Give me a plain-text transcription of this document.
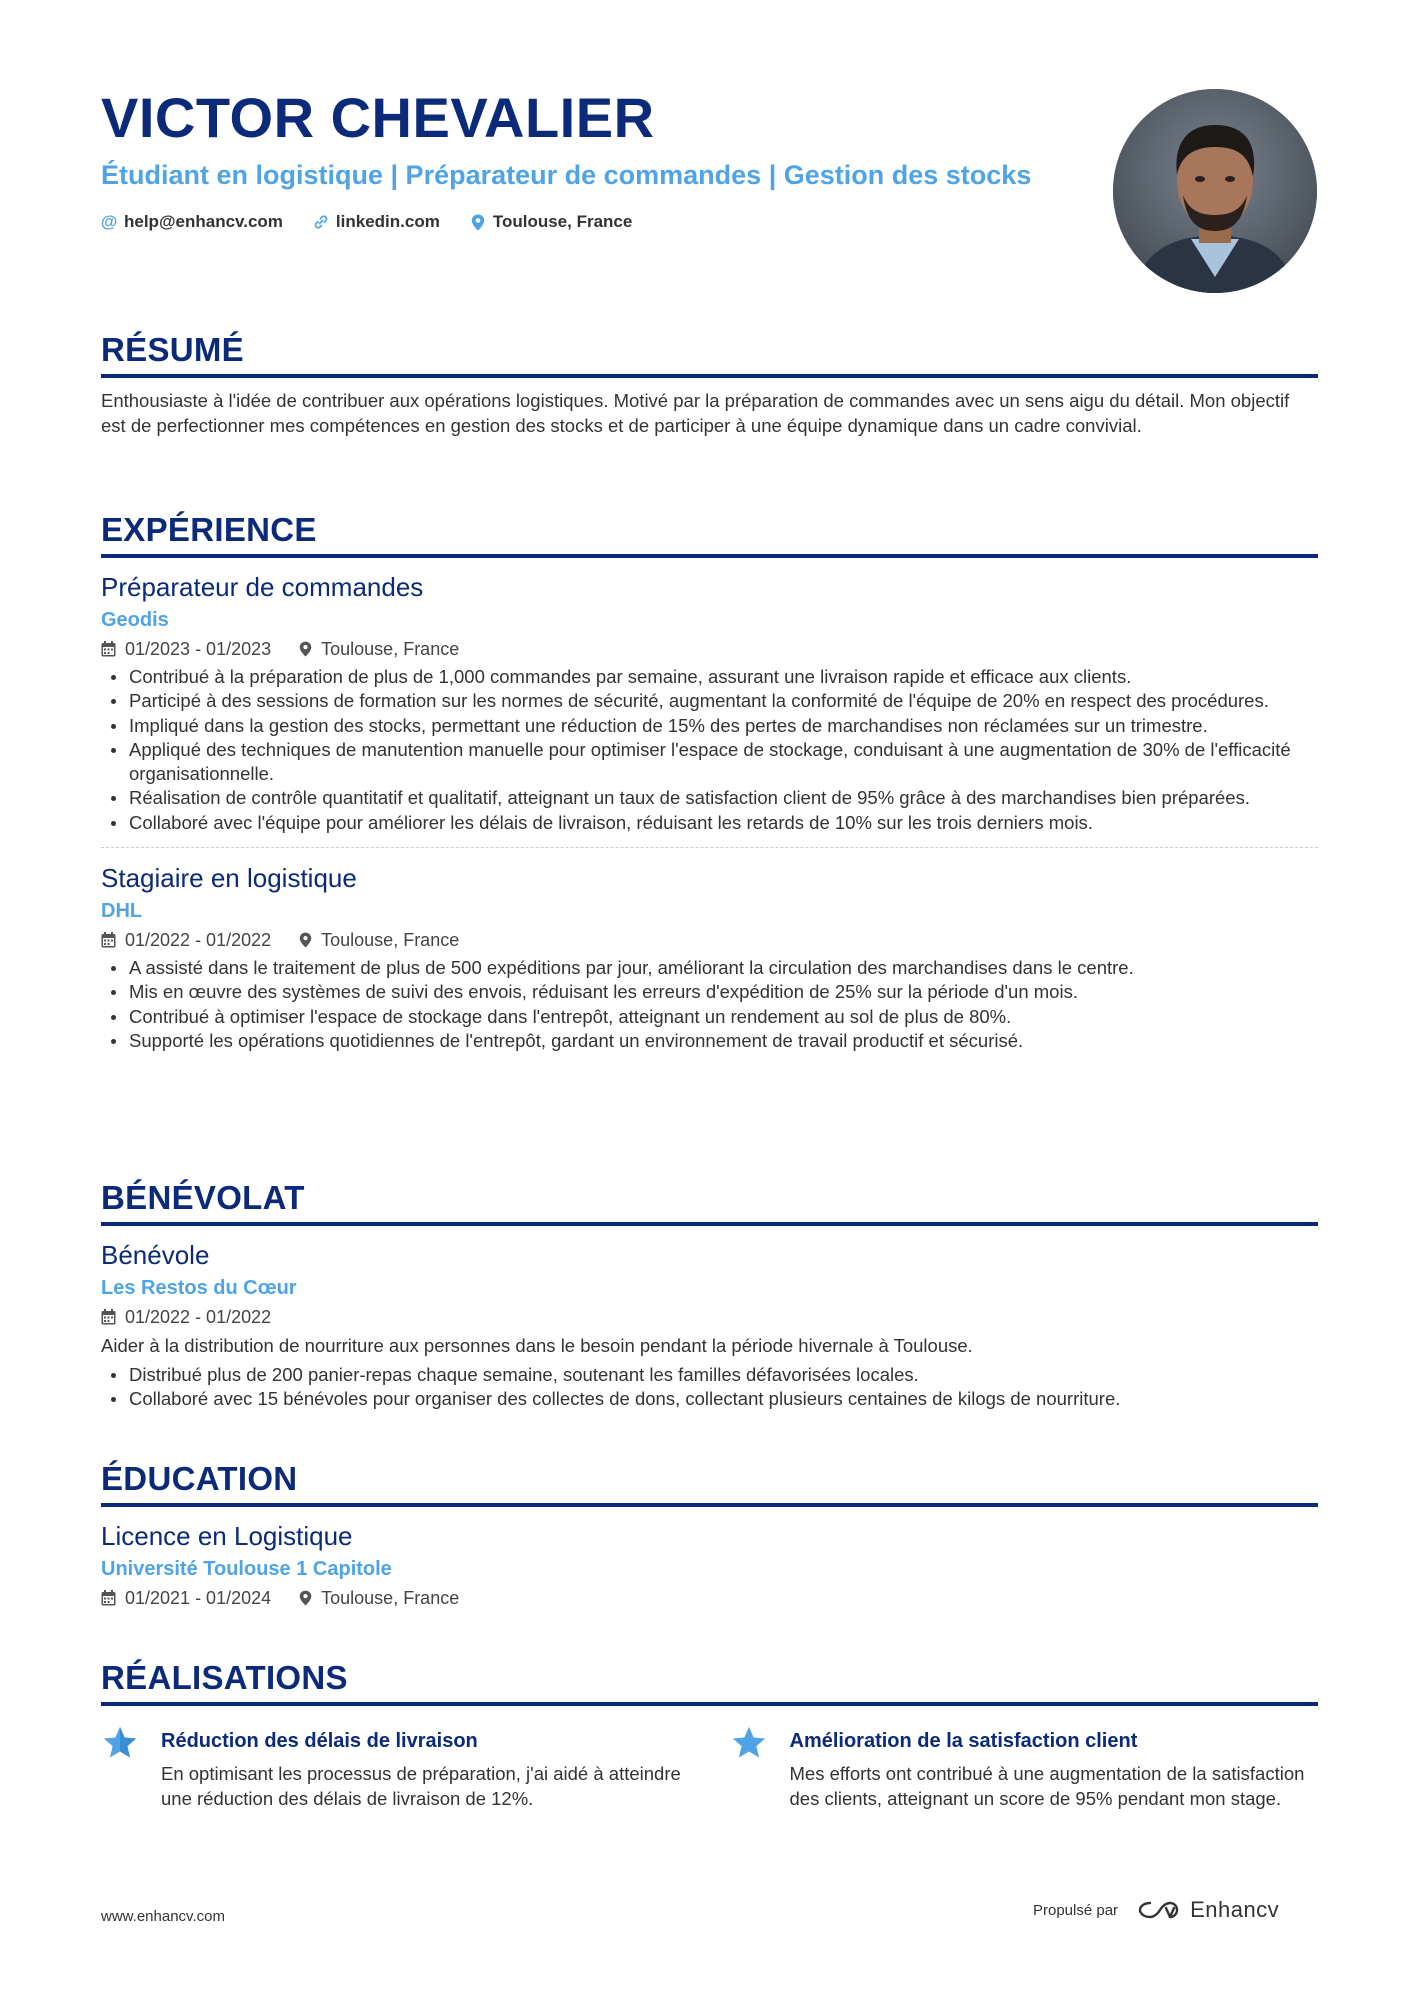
VICTOR CHEVALIER
Étudiant en logistique | Préparateur de commandes | Gestion des stocks
@ help@enhancv.com	linkedin.com	Toulouse, France
RÉSUMÉ
Enthousiaste à l'idée de contribuer aux opérations logistiques. Motivé par la préparation de commandes avec un sens aigu du détail. Mon objectif est de perfectionner mes compétences en gestion des stocks et de participer à une équipe dynamique dans un cadre convivial.
EXPÉRIENCE
Préparateur de commandes
Geodis
01/2023 - 01/2023	Toulouse, France
Contribué à la préparation de plus de 1,000 commandes par semaine, assurant une livraison rapide et efficace aux clients.
Participé à des sessions de formation sur les normes de sécurité, augmentant la conformité de l'équipe de 20% en respect des procédures.
Impliqué dans la gestion des stocks, permettant une réduction de 15% des pertes de marchandises non réclamées sur un trimestre.
Appliqué des techniques de manutention manuelle pour optimiser l'espace de stockage, conduisant à une augmentation de 30% de l'efficacité organisationnelle.
Réalisation de contrôle quantitatif et qualitatif, atteignant un taux de satisfaction client de 95% grâce à des marchandises bien préparées.
Collaboré avec l'équipe pour améliorer les délais de livraison, réduisant les retards de 10% sur les trois derniers mois.
Stagiaire en logistique
DHL
01/2022 - 01/2022	Toulouse, France
A assisté dans le traitement de plus de 500 expéditions par jour, améliorant la circulation des marchandises dans le centre.
Mis en œuvre des systèmes de suivi des envois, réduisant les erreurs d'expédition de 25% sur la période d'un mois.
Contribué à optimiser l'espace de stockage dans l'entrepôt, atteignant un rendement au sol de plus de 80%.
Supporté les opérations quotidiennes de l'entrepôt, gardant un environnement de travail productif et sécurisé.
BÉNÉVOLAT
Bénévole
Les Restos du Cœur
01/2022 - 01/2022
Aider à la distribution de nourriture aux personnes dans le besoin pendant la période hivernale à Toulouse.
Distribué plus de 200 panier-repas chaque semaine, soutenant les familles défavorisées locales.
Collaboré avec 15 bénévoles pour organiser des collectes de dons, collectant plusieurs centaines de kilogs de nourriture.
ÉDUCATION
Licence en Logistique
Université Toulouse 1 Capitole
01/2021 - 01/2024	Toulouse, France
RÉALISATIONS
Réduction des délais de livraison
En optimisant les processus de préparation, j'ai aidé à atteindre une réduction des délais de livraison de 12%.
Amélioration de la satisfaction client
Mes efforts ont contribué à une augmentation de la satisfaction des clients, atteignant un score de 95% pendant mon stage.
www.enhancv.com	Propulsé par	Enhancv
